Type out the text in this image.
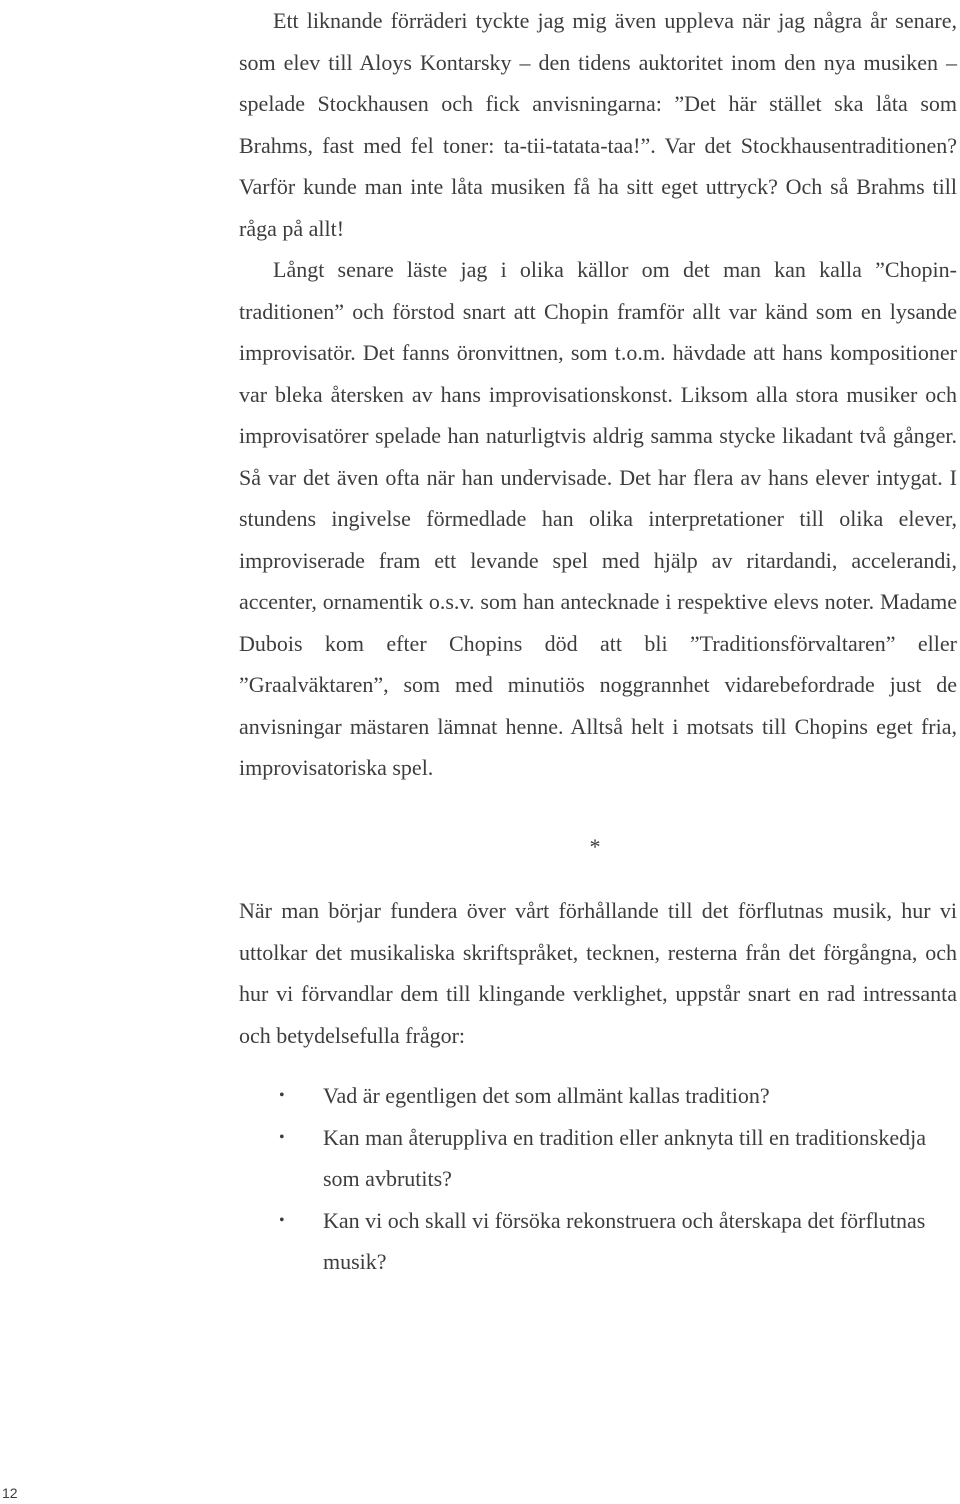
Ett liknande förräderi tyckte jag mig även uppleva när jag några år senare, som elev till Aloys Kontarsky – den tidens auktoritet inom den nya musiken – spelade Stockhausen och fick anvisningarna: ”Det här stället ska låta som Brahms, fast med fel toner: ta-tii-tatata-taa!”. Var det Stockhausentraditionen? Varför kunde man inte låta musiken få ha sitt eget uttryck? Och så Brahms till råga på allt!

Långt senare läste jag i olika källor om det man kan kalla ”Chopintraditionen” och förstod snart att Chopin framför allt var känd som en lysande improvisatör. Det fanns öronvittnen, som t.o.m. hävdade att hans kompositioner var bleka återsken av hans improvisationskonst. Liksom alla stora musiker och improvisatörer spelade han naturligtvis aldrig samma stycke likadant två gånger. Så var det även ofta när han undervisade. Det har flera av hans elever intygat. I stundens ingivelse förmedlade han olika interpretationer till olika elever, improviserade fram ett levande spel med hjälp av ritardandi, accelerandi, accenter, ornamentik o.s.v. som han antecknade i respektive elevs noter. Madame Dubois kom efter Chopins död att bli ”Traditionsförvaltaren” eller ”Graalväktaren”, som med minutiös noggrannhet vidarebefordrade just de anvisningar mästaren lämnat henne. Alltså helt i motsats till Chopins eget fria, improvisatoriska spel.

När man börjar fundera över vårt förhållande till det förflutnas musik, hur vi uttolkar det musikaliska skriftspråket, tecknen, resterna från det förgångna, och hur vi förvandlar dem till klingande verklighet, uppstår snart en rad intressanta och betydelsefulla frågor:

• Vad är egentligen det som allmänt kallas tradition?
• Kan man återuppliva en tradition eller anknyta till en traditionskedja som avbrutits?
• Kan vi och skall vi försöka rekonstruera och återskapa det förflutnas musik?
*
12
